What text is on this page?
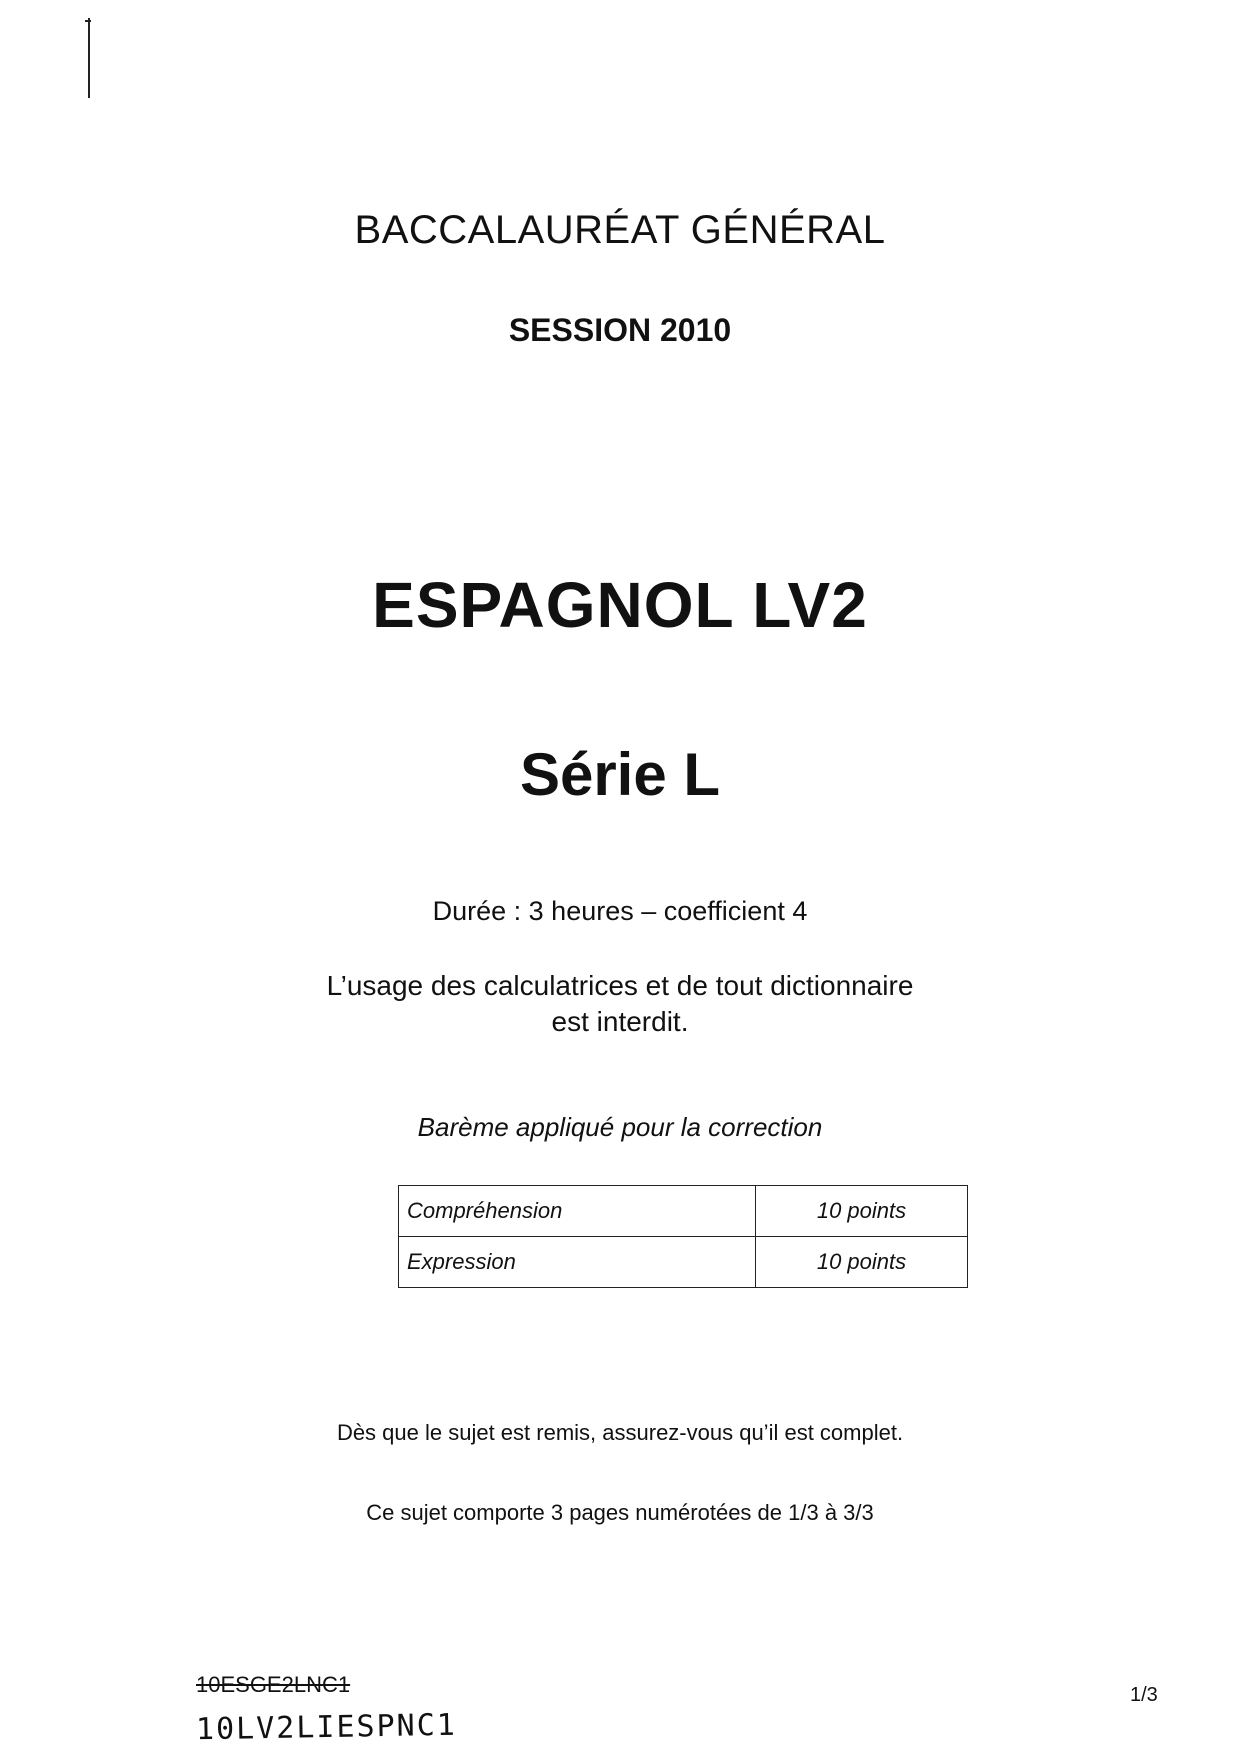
BACCALAURÉAT GÉNÉRAL
SESSION 2010
ESPAGNOL LV2
Série L
Durée : 3 heures – coefficient 4
L’usage des calculatrices et de tout dictionnaire
est interdit.
Barème appliqué pour la correction
Compréhension	10 points
Expression	10 points
Dès que le sujet est remis, assurez-vous qu’il est complet.
Ce sujet comporte 3 pages numérotées de 1/3 à 3/3
10ESGE2LNC1
10LV2LIESPNC1
1/3
